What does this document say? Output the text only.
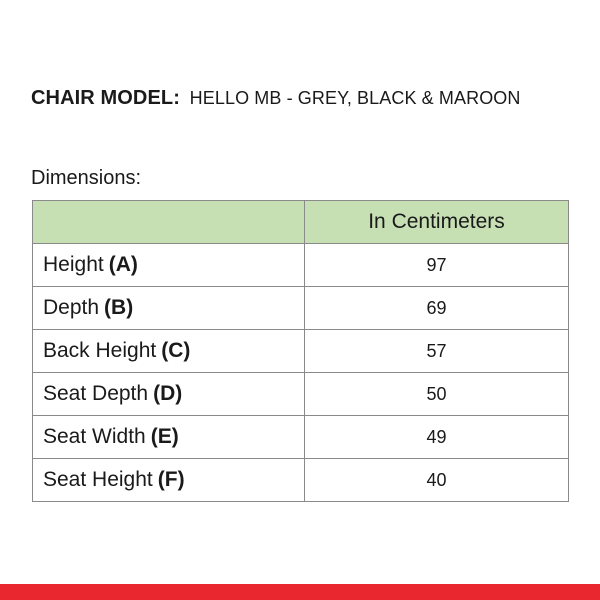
CHAIR MODEL: HELLO MB - GREY, BLACK & MAROON
Dimensions:
	In Centimeters
Height (A)	97
Depth (B)	69
Back Height (C)	57
Seat Depth (D)	50
Seat Width (E)	49
Seat Height (F)	40
